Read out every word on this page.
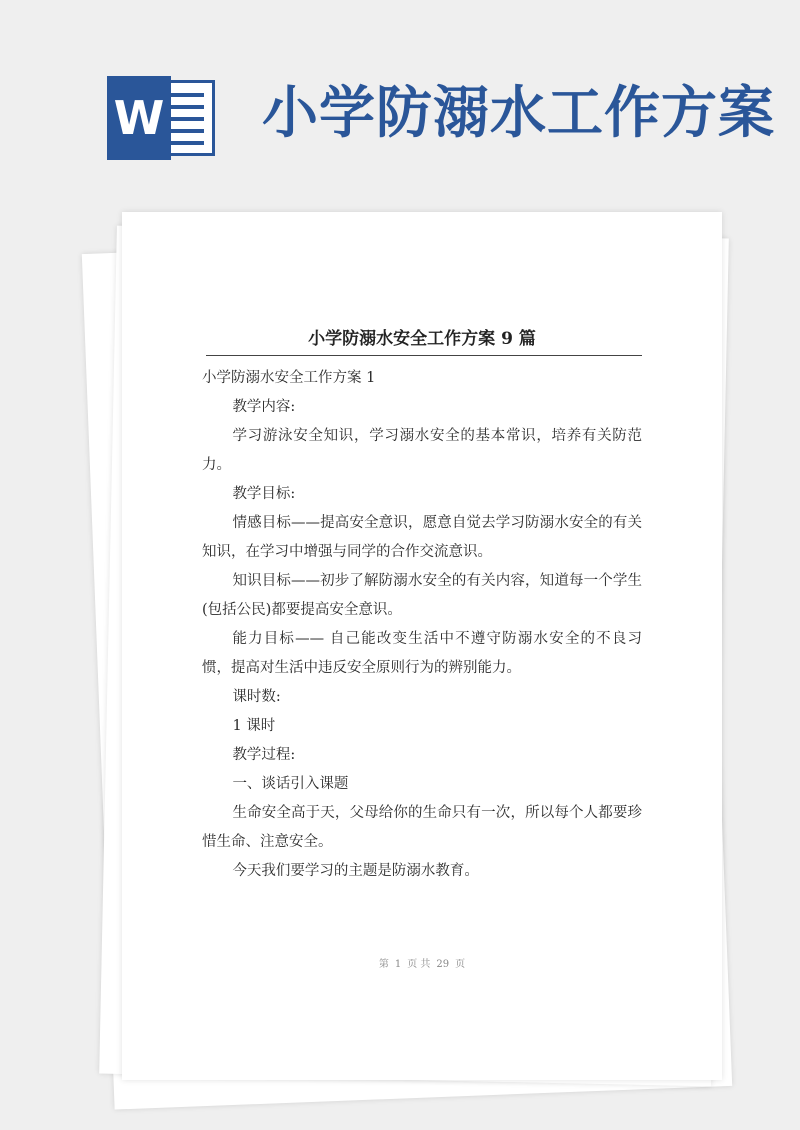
W 小学防溺水工作方案
小学防溺水安全工作方案 9 篇

小学防溺水安全工作方案 1

教学内容:

学习游泳安全知识，学习溺水安全的基本常识，培养有关防范力。

教学目标:

情感目标——提高安全意识，愿意自觉去学习防溺水安全的有关知识，在学习中增强与同学的合作交流意识。

知识目标——初步了解防溺水安全的有关内容，知道每一个学生(包括公民)都要提高安全意识。

能力目标—— 自己能改变生活中不遵守防溺水安全的不良习惯，提高对生活中违反安全原则行为的辨别能力。

课时数:

1 课时

教学过程:

一、谈话引入课题

生命安全高于天，父母给你的生命只有一次，所以每个人都要珍惜生命、注意安全。

今天我们要学习的主题是防溺水教育。

第 1 页 共 29 页
